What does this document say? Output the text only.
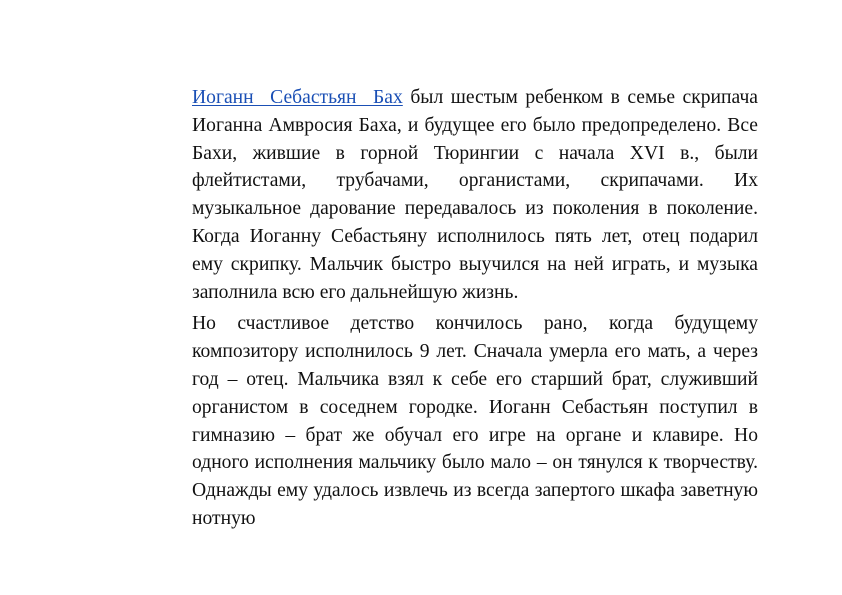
Иоганн Себастьян Бах был шестым ребенком в семье скрипача Иоганна Амвросия Баха, и будущее его было предопределено. Все Бахи, жившие в горной Тюрингии с начала XVI в., были флейтистами, трубачами, органистами, скрипачами. Их музыкальное дарование передавалось из поколения в поколение. Когда Иоганну Себастьяну исполнилось пять лет, отец подарил ему скрипку. Мальчик быстро выучился на ней играть, и музыка заполнила всю его дальнейшую жизнь.

Но счастливое детство кончилось рано, когда будущему композитору исполнилось 9 лет. Сначала умерла его мать, а через год – отец. Мальчика взял к себе его старший брат, служивший органистом в соседнем городке. Иоганн Себастьян поступил в гимназию – брат же обучал его игре на органе и клавире. Но одного исполнения мальчику было мало – он тянулся к творчеству. Однажды ему удалось извлечь из всегда запертого шкафа заветную нотную
